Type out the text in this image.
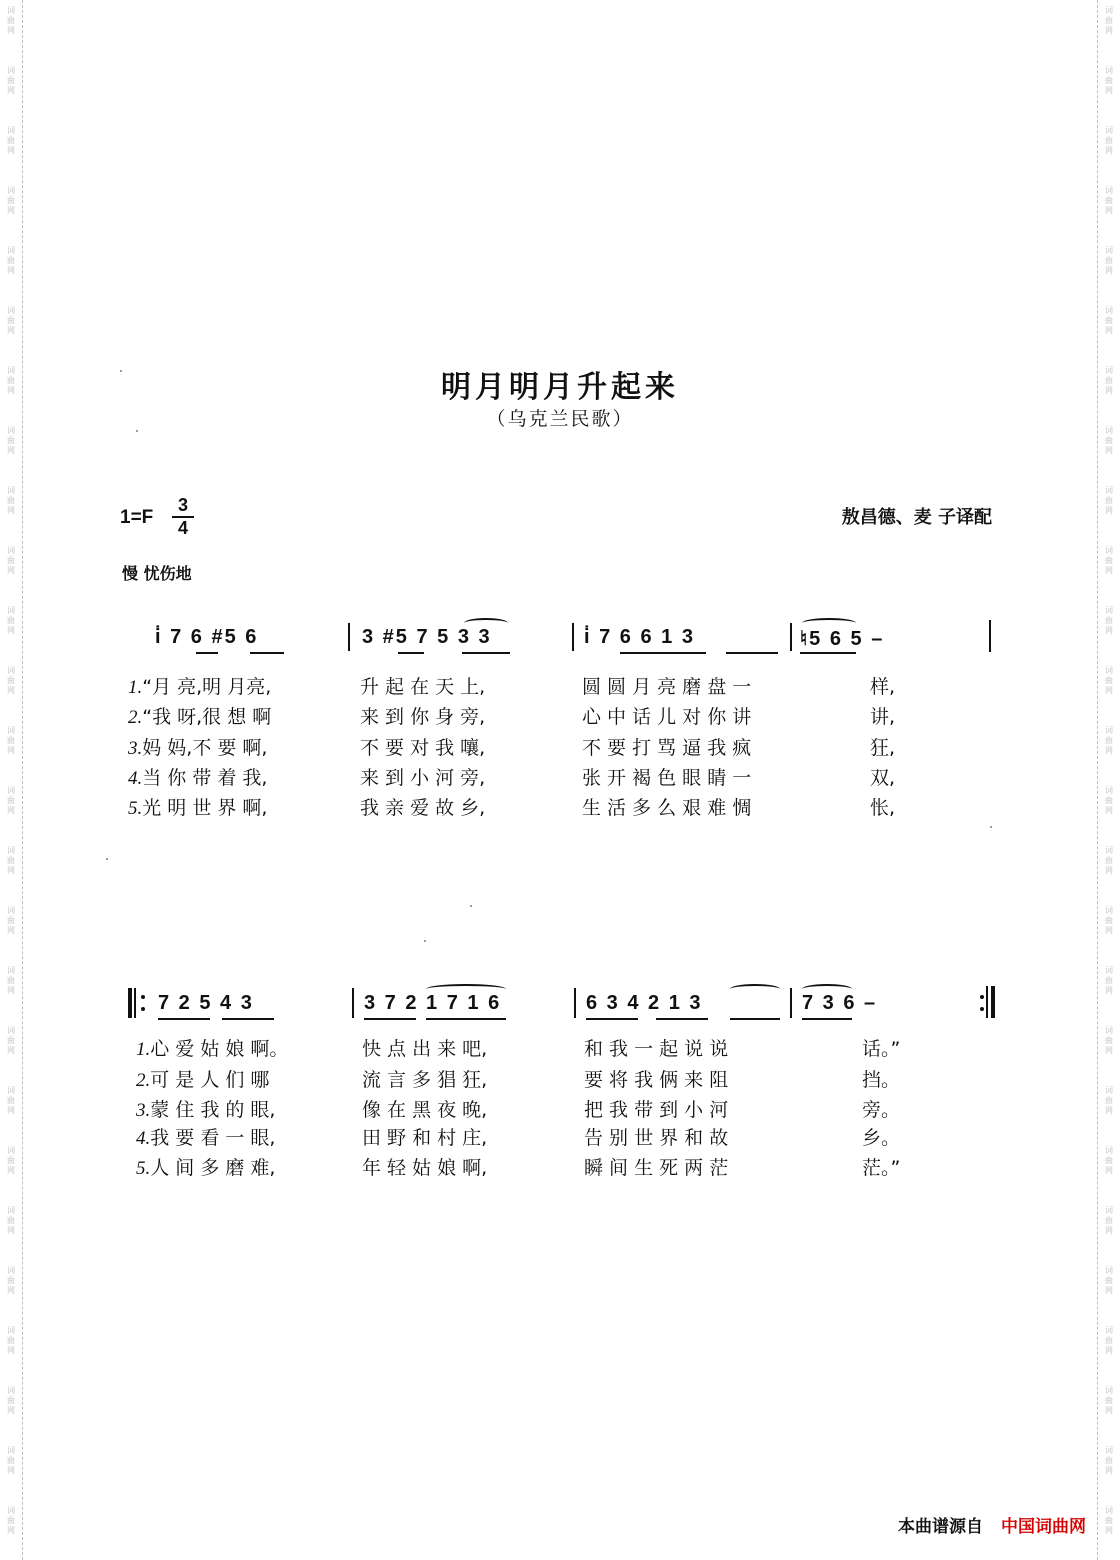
词
曲
网
词
曲
网
词
曲
网
词
曲
网
词
曲
网
词
曲
网
词
曲
网
词
曲
网
词
曲
网
词
曲
网
词
曲
网
词
曲
网
词
曲
网
词
曲
网
词
曲
网
词
曲
网
词
曲
网
词
曲
网
词
曲
网
词
曲
网
词
曲
网
词
曲
网
词
曲
网
词
曲
网
词
曲
网
词
曲
网
词
曲
网
词
曲
网
词
曲
网
词
曲
网
词
曲
网
词
曲
网
词
曲
网
词
曲
网
词
曲
网
词
曲
网
词
曲
网
词
曲
网
词
曲
网
词
曲
网
词
曲
网
词
曲
网
词
曲
网
词
曲
网
词
曲
网
词
曲
网
词
曲
网
词
曲
网
词
曲
网
词
曲
网
词
曲
网
词
曲
网
明月明月升起来
（乌克兰民歌）
1=F
3
4	敖昌德、麦 子译配
慢 忧伤地
i̇ 7 6 #5 6	3 #5 7 5 3 3	i̇ 7 6 6 1 3	♮5 6 5 –
1.“月 亮,明 月亮,	升 起 在 天 上,	圆 圆 月 亮 磨 盘 一	样,
2.“我 呀,很 想 啊	来 到 你 身 旁,	心 中 话 儿 对 你 讲	讲,
3.妈 妈,不 要 啊,	不 要 对 我 嚷,	不 要 打 骂 逼 我 疯	狂,
4.当 你 带 着 我,	来 到 小 河 旁,	张 开 褐 色 眼 睛 一	双,
5.光 明 世 界 啊,	我 亲 爱 故 乡,	生 活 多 么 艰 难 惆	怅,
7 2 5 4 3	3 7 2 1 7 1 6	6 3 4 2 1 3	7 3 6 –
1.心 爱 姑 娘 啊。	快 点 出 来 吧,	和 我 一 起 说 说	话。”
2.可 是 人 们 哪	流 言 多 猖 狂,	要 将 我 俩 来 阻	挡。
3.蒙 住 我 的 眼,	像 在 黑 夜 晚,	把 我 带 到 小 河	旁。
4.我 要 看 一 眼,	田 野 和 村 庄,	告 别 世 界 和 故	乡。
5.人 间 多 磨 难,	年 轻 姑 娘 啊,	瞬 间 生 死 两 茫	茫。”
本曲谱源自 中国词曲网
